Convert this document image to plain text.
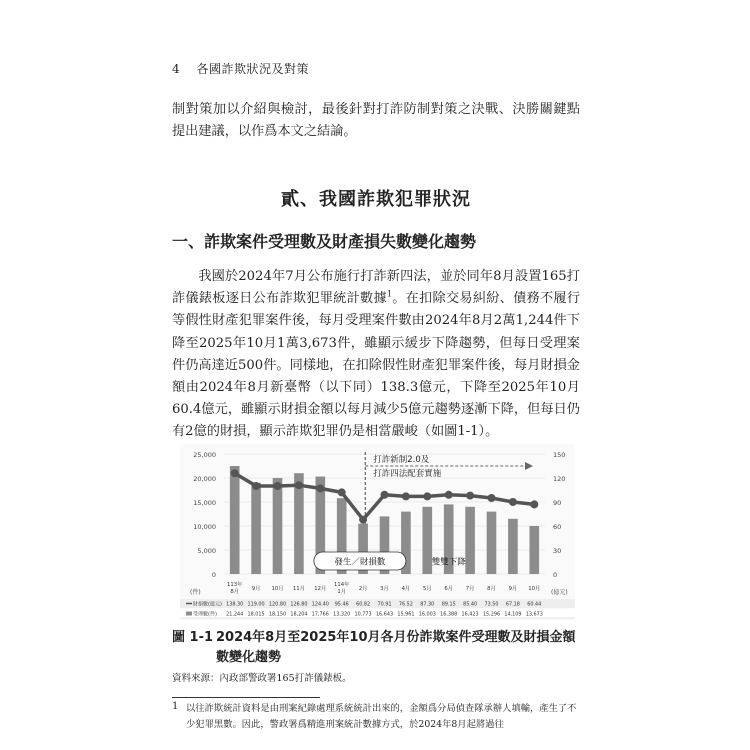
4 各國詐欺狀況及對策

制對策加以介紹與檢討，最後針對打詐防制對策之決戰、決勝關鍵點提出建議，以作爲本文之結論。

貳、我國詐欺犯罪狀況
一、詐欺案件受理數及財產損失數變化趨勢

我國於2024年7月公布施行打詐新四法，並於同年8月設置165打詐儀錶板逐日公布詐欺犯罪統計數據$^1$。在扣除交易糾紛、債務不履行等假性財產犯罪案件後，每月受理案件數由2024年8月2萬1,244件下降至2025年10月1萬3,673件，雖顯示緩步下降趨勢，但每日受理案件仍高達近500件。同樣地，在扣除假性財產犯罪案件後，每月財損金額由2024年8月新臺幣（以下同）138.3億元，下降至2025年10月60.4億元，雖顯示財損金額以每月減少5億元趨勢逐漸下降，但每日仍有2億的財損，顯示詐欺犯罪仍是相當嚴峻（如圖1-1）。

25,000
20,000
15,000
10,000
5,000
0
150
120
90
60
30
0
打詐新制2.0及
打詐四法配套實施
發生／財損數	雙雙下降
(件)	(億元)
113年
8月 9月 10月 11月 12月
114年
1月 2月 3月 4月 5月 6月 7月 8月 9月 10月
財損數(億元)
受理數(件)
138.30 119.00 120.80 126.80 124.40 95.46 60.82 70.91 76.52 87.30 89.15 85.40 73.50 67.18 60.44
21,244 18,015 18,150 18,204 17,766 13,320 10,773 16,643 15,961 16,003 16,388 16,423 15,296 14,109 13,673

圖 1-1 2024年8月至2025年10月各月份詐欺案件受理數及財損金額數變化趨勢

資料來源：內政部警政署165打詐儀錶板。

1 以往詐欺統計資料是由刑案紀錄處理系統統計出來的，金額爲分局偵查隊承辦人填輸，產生了不少犯罪黑數。因此，警政署爲精進刑案統計數據方式，於2024年8月起將過往
